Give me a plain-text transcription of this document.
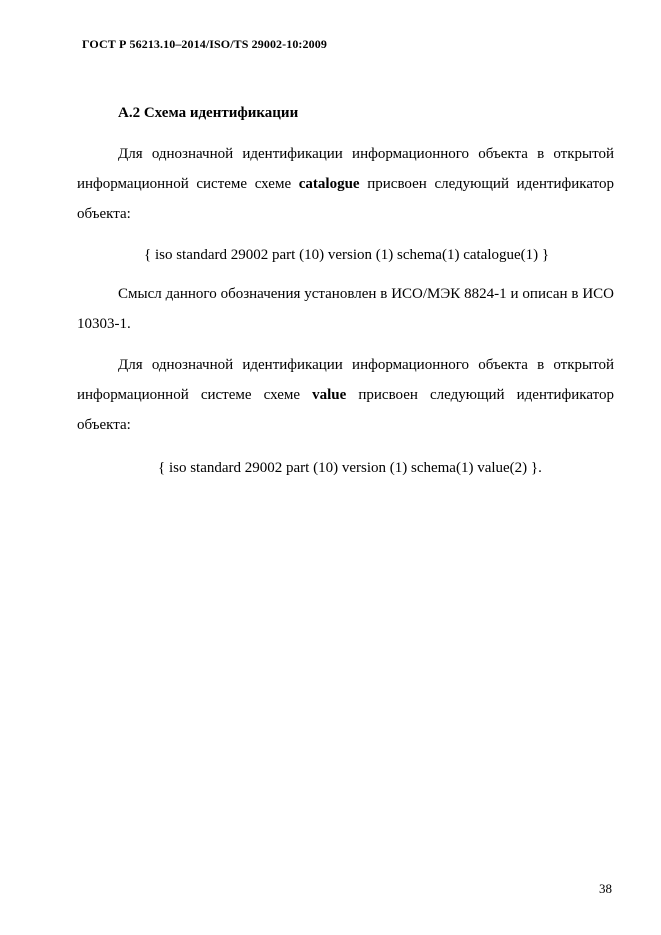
ГОСТ Р 56213.10–2014/ISO/TS 29002-10:2009
А.2 Схема идентификации
Для однозначной идентификации информационного объекта в открытой информационной системе схеме catalogue присвоен следующий идентификатор объекта:
{ iso standard 29002 part (10) version (1) schema(1) catalogue(1) }
Смысл данного обозначения установлен в ИСО/МЭК 8824-1 и описан в ИСО 10303-1.
Для однозначной идентификации информационного объекта в открытой информационной системе схеме value присвоен следующий идентификатор объекта:
{ iso standard 29002 part (10) version (1) schema(1) value(2) }.
38
